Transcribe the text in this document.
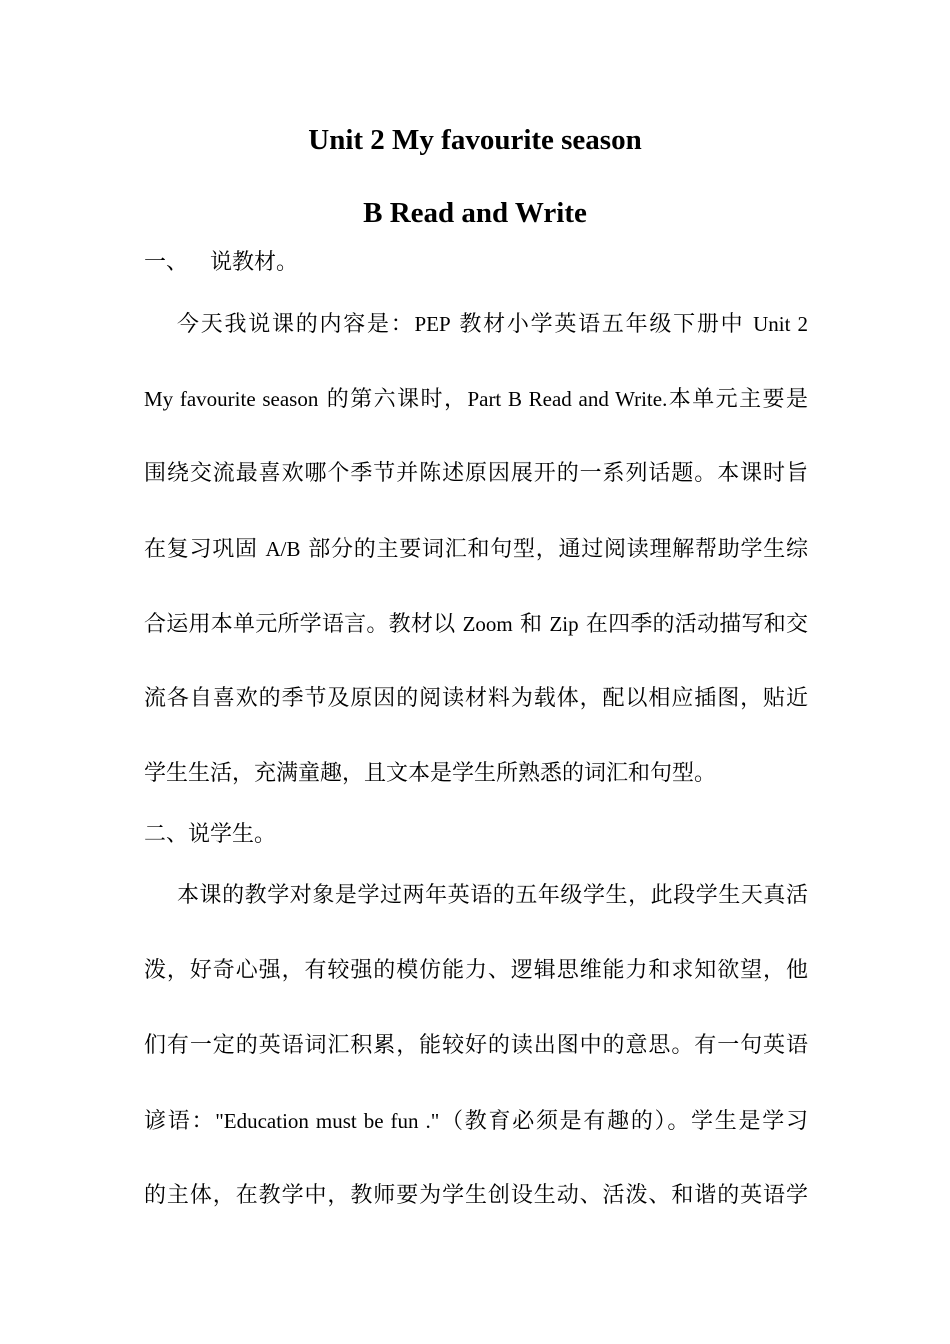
Unit 2 My favourite season
B Read and Write
一、 说教材。
今天我说课的内容是：PEP 教材小学英语五年级下册中 Unit 2
My favourite season 的第六课时，Part B Read and Write.本单元主要是
围绕交流最喜欢哪个季节并陈述原因展开的一系列话题。本课时旨
在复习巩固 A/B 部分的主要词汇和句型，通过阅读理解帮助学生综
合运用本单元所学语言。教材以 Zoom 和 Zip 在四季的活动描写和交
流各自喜欢的季节及原因的阅读材料为载体，配以相应插图，贴近
学生生活，充满童趣，且文本是学生所熟悉的词汇和句型。
二、说学生。
本课的教学对象是学过两年英语的五年级学生，此段学生天真活
泼，好奇心强，有较强的模仿能力、逻辑思维能力和求知欲望，他
们有一定的英语词汇积累，能较好的读出图中的意思。有一句英语
谚语："Education must be fun ."（教育必须是有趣的）。学生是学习
的主体，在教学中，教师要为学生创设生动、活泼、和谐的英语学
